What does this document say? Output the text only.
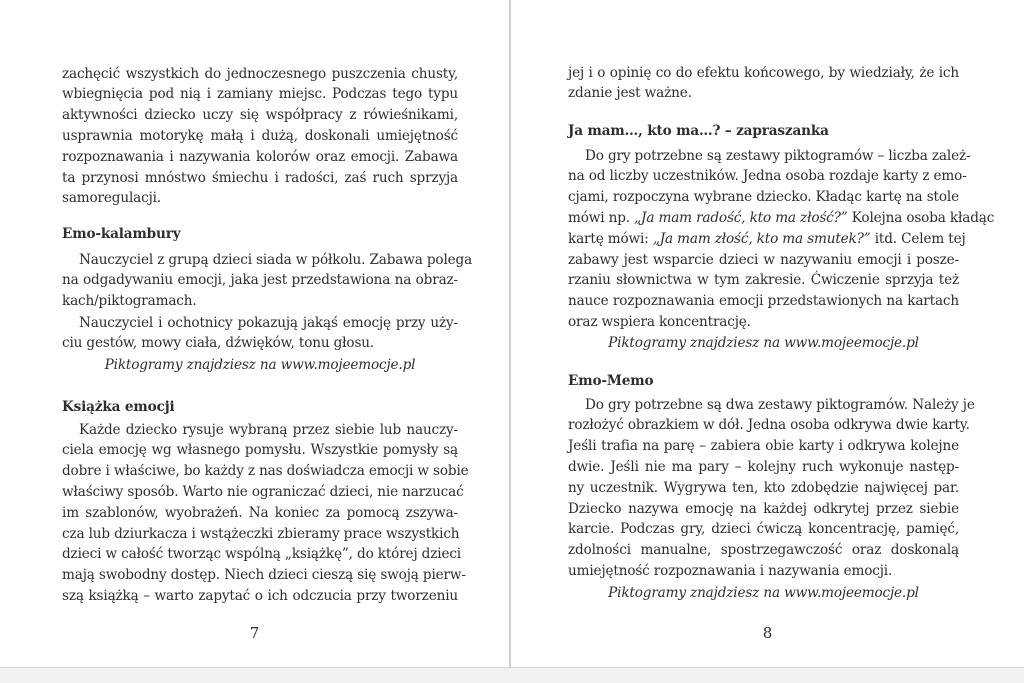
7
zachęcić wszystkich do jednoczesnego puszczenia chusty,
wbiegnięcia pod nią i zamiany miejsc. Podczas tego typu
aktywności dziecko uczy się współpracy z rówieśnikami,
usprawnia motorykę małą i dużą, doskonali umiejętność
rozpoznawania i nazywania kolorów oraz emocji. Zabawa
ta przynosi mnóstwo śmiechu i radości, zaś ruch sprzyja
samoregulacji.
Emo-kalambury
Nauczyciel z grupą dzieci siada w półkolu. Zabawa polega
na odgadywaniu emocji, jaka jest przedstawiona na obraz-
kach/piktogramach.
Nauczyciel i ochotnicy pokazują jakąś emocję przy uży-
ciu gestów, mowy ciała, dźwięków, tonu głosu.
Piktogramy znajdziesz na www.mojeemocje.pl
Książka emocji
Każde dziecko rysuje wybraną przez siebie lub nauczy-
ciela emocję wg własnego pomysłu. Wszystkie pomysły są
dobre i właściwe, bo każdy z nas doświadcza emocji w sobie
właściwy sposób. Warto nie ograniczać dzieci, nie narzucać
im szablonów, wyobrażeń. Na koniec za pomocą zszywa-
cza lub dziurkacza i wstążeczki zbieramy prace wszystkich
dzieci w całość tworząc wspólną „książkę”, do której dzieci
mają swobodny dostęp. Niech dzieci cieszą się swoją pierw-
szą książką – warto zapytać o ich odczucia przy tworzeniu
8
jej i o opinię co do efektu końcowego, by wiedziały, że ich
zdanie jest ważne.
Ja mam…, kto ma…? – zapraszanka
Do gry potrzebne są zestawy piktogramów – liczba zależ-
na od liczby uczestników. Jedna osoba rozdaje karty z emo-
cjami, rozpoczyna wybrane dziecko. Kładąc kartę na stole
mówi np. „Ja mam radość, kto ma złość?” Kolejna osoba kładąc
kartę mówi: „Ja mam złość, kto ma smutek?” itd. Celem tej
zabawy jest wsparcie dzieci w nazywaniu emocji i posze-
rzaniu słownictwa w tym zakresie. Ćwiczenie sprzyja też
nauce rozpoznawania emocji przedstawionych na kartach
oraz wspiera koncentrację.
Piktogramy znajdziesz na www.mojeemocje.pl
Emo-Memo
Do gry potrzebne są dwa zestawy piktogramów. Należy je
rozłożyć obrazkiem w dół. Jedna osoba odkrywa dwie karty.
Jeśli trafia na parę – zabiera obie karty i odkrywa kolejne
dwie. Jeśli nie ma pary – kolejny ruch wykonuje następ-
ny uczestnik. Wygrywa ten, kto zdobędzie najwięcej par.
Dziecko nazywa emocję na każdej odkrytej przez siebie
karcie. Podczas gry, dzieci ćwiczą koncentrację, pamięć,
zdolności manualne, spostrzegawczość oraz doskonalą
umiejętność rozpoznawania i nazywania emocji.
Piktogramy znajdziesz na www.mojeemocje.pl
